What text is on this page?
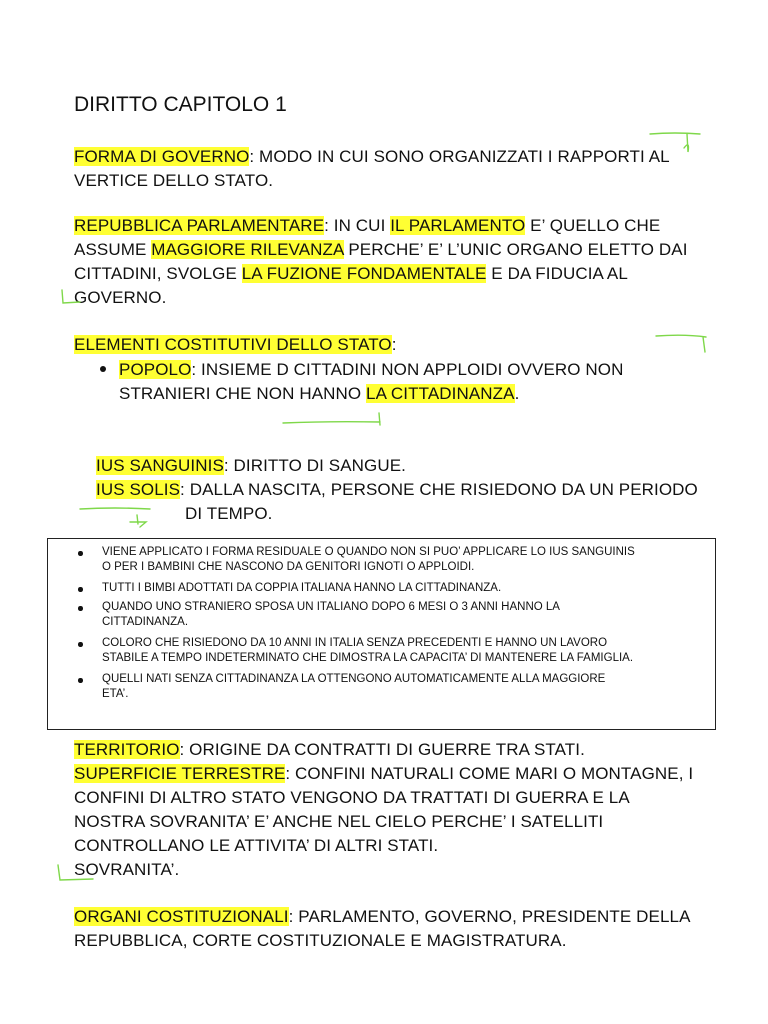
DIRITTO CAPITOLO 1
FORMA DI GOVERNO: MODO IN CUI SONO ORGANIZZATI I RAPPORTI AL
VERTICE DELLO STATO.
REPUBBLICA PARLAMENTARE: IN CUI IL PARLAMENTO E’ QUELLO CHE
ASSUME MAGGIORE RILEVANZA PERCHE’ E’ L’UNIC ORGANO ELETTO DAI
CITTADINI, SVOLGE LA FUZIONE FONDAMENTALE E DA FIDUCIA AL
GOVERNO.
ELEMENTI COSTITUTIVI DELLO STATO:
POPOLO: INSIEME D CITTADINI NON APPLOIDI OVVERO NON
STRANIERI CHE NON HANNO LA CITTADINANZA.
IUS SANGUINIS: DIRITTO DI SANGUE.
IUS SOLIS: DALLA NASCITA, PERSONE CHE RISIEDONO DA UN PERIODO
DI TEMPO.
VIENE APPLICATO I FORMA RESIDUALE O QUANDO NON SI PUO’ APPLICARE LO IUS SANGUINIS
O PER I BAMBINI CHE NASCONO DA GENITORI IGNOTI O APPLOIDI.
TUTTI I BIMBI ADOTTATI DA COPPIA ITALIANA HANNO LA CITTADINANZA.
QUANDO UNO STRANIERO SPOSA UN ITALIANO DOPO 6 MESI O 3 ANNI HANNO LA
CITTADINANZA.
COLORO CHE RISIEDONO DA 10 ANNI IN ITALIA SENZA PRECEDENTI E HANNO UN LAVORO
STABILE A TEMPO INDETERMINATO CHE DIMOSTRA LA CAPACITA’ DI MANTENERE LA FAMIGLIA.
QUELLI NATI SENZA CITTADINANZA LA OTTENGONO AUTOMATICAMENTE ALLA MAGGIORE
ETA’.
TERRITORIO: ORIGINE DA CONTRATTI DI GUERRE TRA STATI.
SUPERFICIE TERRESTRE: CONFINI NATURALI COME MARI O MONTAGNE, I
CONFINI DI ALTRO STATO VENGONO DA TRATTATI DI GUERRA E LA
NOSTRA SOVRANITA’ E’ ANCHE NEL CIELO PERCHE’ I SATELLITI
CONTROLLANO LE ATTIVITA’ DI ALTRI STATI.
SOVRANITA’.
ORGANI COSTITUZIONALI: PARLAMENTO, GOVERNO, PRESIDENTE DELLA
REPUBBLICA, CORTE COSTITUZIONALE E MAGISTRATURA.
